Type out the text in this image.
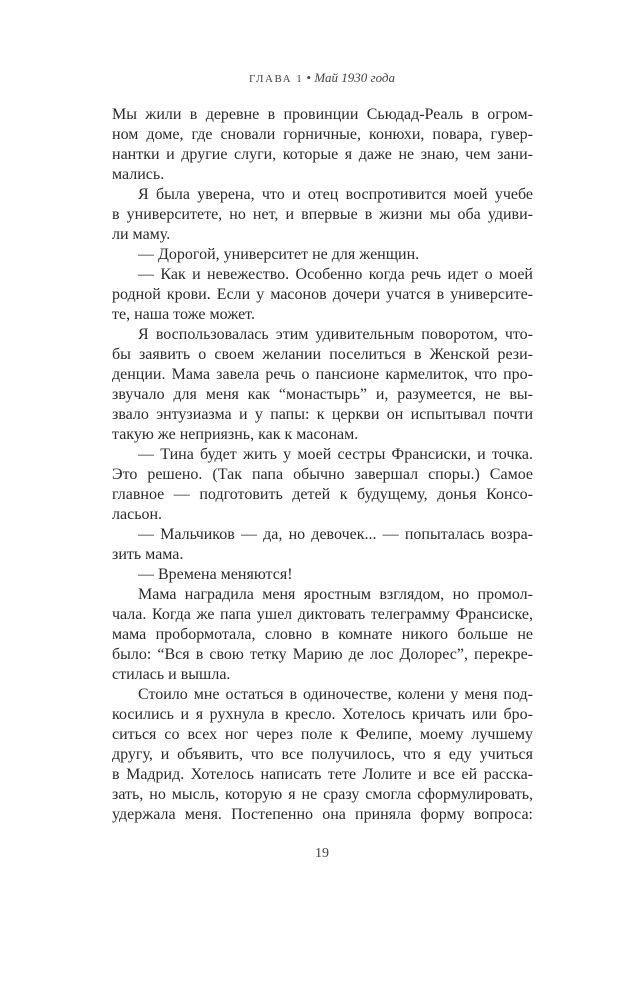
ГЛАВА 1 • Май 1930 года
Мы жили в деревне в провинции Сьюдад-Реаль в огром-
ном доме, где сновали горничные, конюхи, повара, гувер-
нантки и другие слуги, которые я даже не знаю, чем зани-
мались.
Я была уверена, что и отец воспротивится моей учебе
в университете, но нет, и впервые в жизни мы оба удиви-
ли маму.
— Дорогой, университет не для женщин.
— Как и невежество. Особенно когда речь идет о моей
родной крови. Если у масонов дочери учатся в университе-
те, наша тоже может.
Я воспользовалась этим удивительным поворотом, что-
бы заявить о своем желании поселиться в Женской рези-
денции. Мама завела речь о пансионе кармелиток, что про-
звучало для меня как “монастырь” и, разумеется, не вы-
звало энтузиазма и у папы: к церкви он испытывал почти
такую же неприязнь, как к масонам.
— Тина будет жить у моей сестры Франсиски, и точка.
Это решено. (Так папа обычно завершал споры.) Самое
главное — подготовить детей к будущему, донья Консо-
ласьон.
— Мальчиков — да, но девочек... — попыталась возра-
зить мама.
— Времена меняются!
Мама наградила меня яростным взглядом, но промол-
чала. Когда же папа ушел диктовать телеграмму Франсиске,
мама пробормотала, словно в комнате никого больше не
было: “Вся в свою тетку Марию де лос Долорес”, перекре-
стилась и вышла.
Стоило мне остаться в одиночестве, колени у меня под-
косились и я рухнула в кресло. Хотелось кричать или бро-
ситься со всех ног через поле к Фелипе, моему лучшему
другу, и объявить, что все получилось, что я еду учиться
в Мадрид. Хотелось написать тете Лолите и все ей расска-
зать, но мысль, которую я не сразу смогла сформулировать,
удержала меня. Постепенно она приняла форму вопроса:
19
